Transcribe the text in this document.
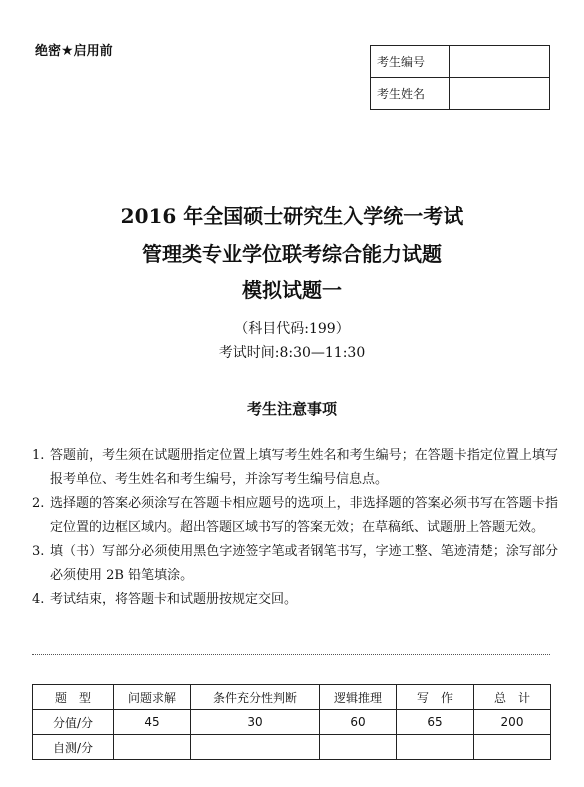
绝密★启用前
考生编号	
考生姓名	
2016 年全国硕士研究生入学统一考试
管理类专业学位联考综合能力试题
模拟试题一
（科目代码:199）
考试时间:8:30—11:30
考生注意事项
1. 答题前，考生须在试题册指定位置上填写考生姓名和考生编号；在答题卡指定位置上填写报考单位、考生姓名和考生编号，并涂写考生编号信息点。
2. 选择题的答案必须涂写在答题卡相应题号的选项上，非选择题的答案必须书写在答题卡指定位置的边框区域内。超出答题区域书写的答案无效；在草稿纸、试题册上答题无效。
3. 填（书）写部分必须使用黑色字迹签字笔或者钢笔书写，字迹工整、笔迹清楚；涂写部分必须使用 2B 铅笔填涂。
4. 考试结束，将答题卡和试题册按规定交回。
题　型	问题求解	条件充分性判断	逻辑推理	写　作	总　计
分值/分	45	30	60	65	200
自测/分					
